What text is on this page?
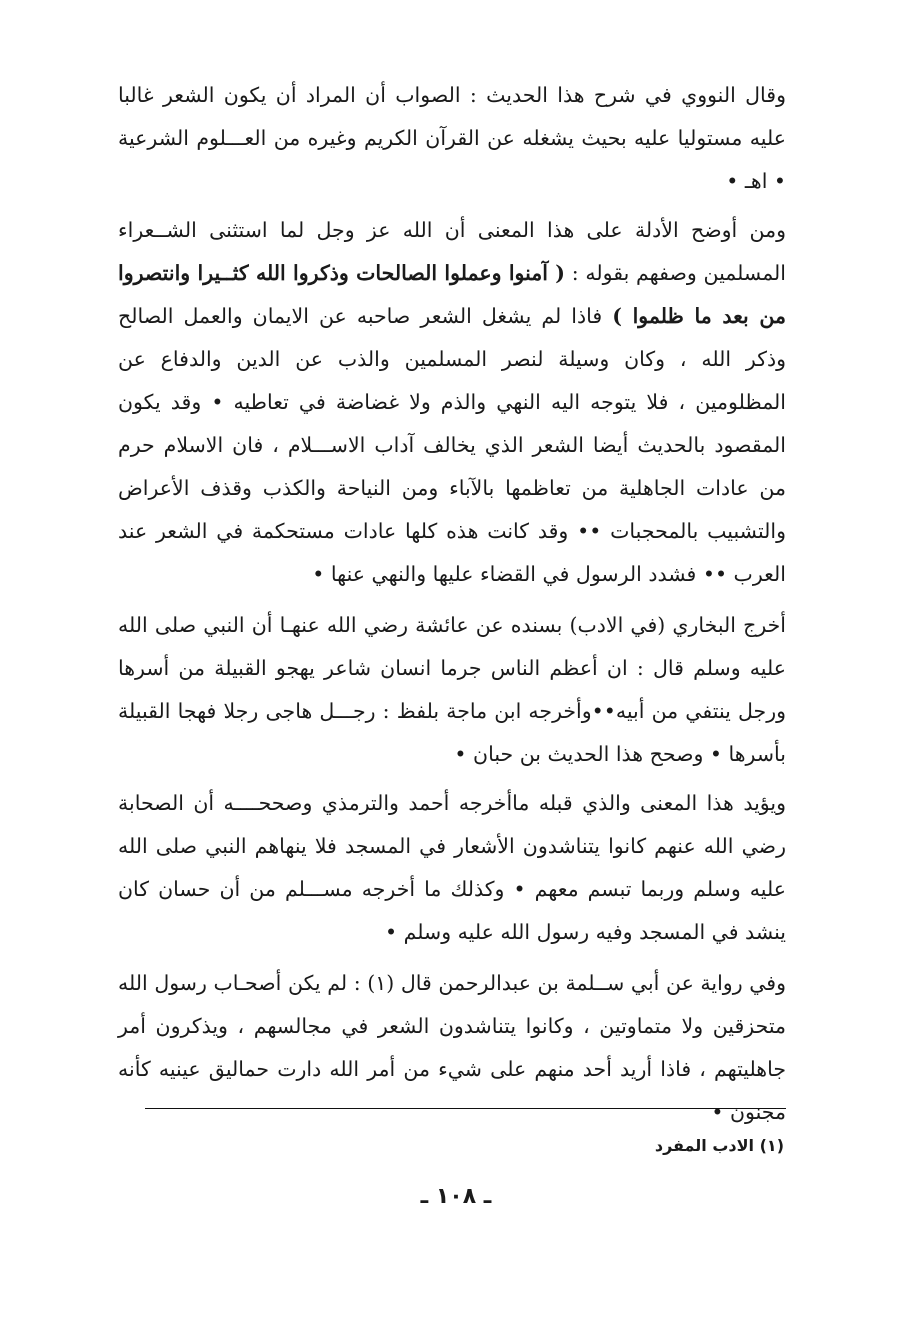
وقال النووي في شرح هذا الحديث : الصواب أن المراد أن يكون الشعر غالبا عليه مستوليا عليه بحيث يشغله عن القرآن الكريم وغيره من العـــلوم الشرعية • اهـ •

ومن أوضح الأدلة على هذا المعنى أن الله عز وجل لما استثنى الشــعراء المسلمين وصفهم بقوله : ( آمنوا وعملوا الصالحات وذكروا الله كثــيرا وانتصروا من بعد ما ظلموا ) فاذا لم يشغل الشعر صاحبه عن الايمان والعمل الصالح وذكر الله ، وكان وسيلة لنصر المسلمين والذب عن الدين والدفاع عن المظلومين ، فلا يتوجه اليه النهي والذم ولا غضاضة في تعاطيه • وقد يكون المقصود بالحديث أيضا الشعر الذي يخالف آداب الاســـلام ، فان الاسلام حرم من عادات الجاهلية من تعاظمها بالآباء ومن النياحة والكذب وقذف الأعراض والتشبيب بالمحجبات •• وقد كانت هذه كلها عادات مستحكمة في الشعر عند العرب •• فشدد الرسول في القضاء عليها والنهي عنها •

أخرج البخاري (في الادب) بسنده عن عائشة رضي الله عنهـا أن النبي صلى الله عليه وسلم قال : ان أعظم الناس جرما انسان شاعر يهجو القبيلة من أسرها ورجل ينتفي من أبيه••وأخرجه ابن ماجة بلفظ : رجـــل هاجى رجلا فهجا القبيلة بأسرها • وصحح هذا الحديث بن حبان •

ويؤيد هذا المعنى والذي قبله ماأخرجه أحمد والترمذي وصححــــه أن الصحابة رضي الله عنهم كانوا يتناشدون الأشعار في المسجد فلا ينهاهم النبي صلى الله عليه وسلم وربما تبسم معهم • وكذلك ما أخرجه مســـلم من أن حسان كان ينشد في المسجد وفيه رسول الله عليه وسلم •

وفي رواية عن أبي ســلمة بن عبدالرحمن قال (١) : لم يكن أصحـاب رسول الله متحزقين ولا متماوتين ، وكانوا يتناشدون الشعر في مجالسهم ، ويذكرون أمر جاهليتهم ، فاذا أريد أحد منهم على شيء من أمر الله دارت حماليق عينيه كأنه مجنون •

(١) الادب المفرد
ـ ١٠٨ ـ
